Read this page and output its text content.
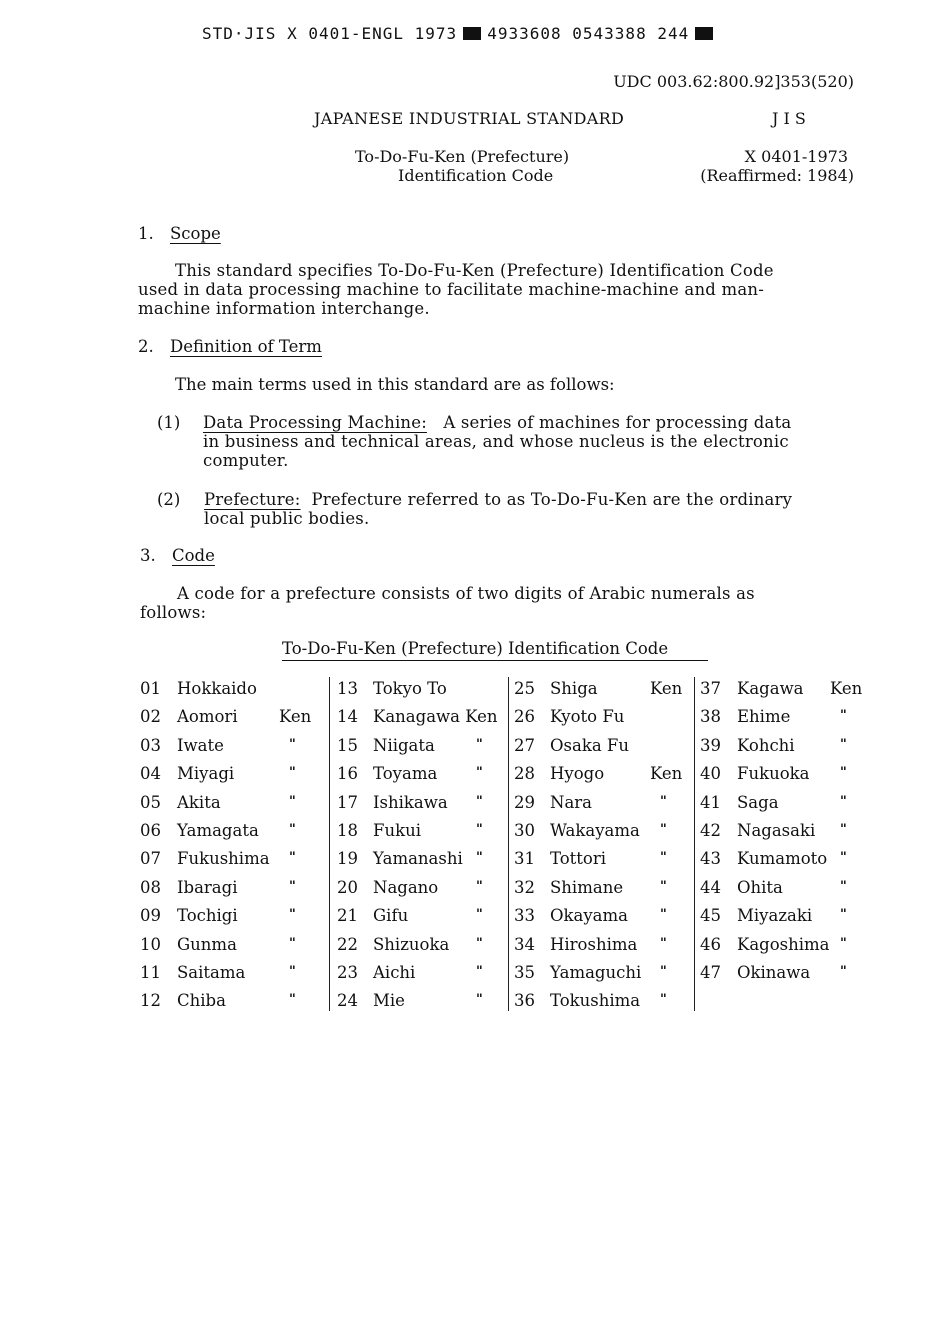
STD·JIS X 0401-ENGL 1973 4933608 0543388 244
UDC 003.62:800.92]353(520)
JAPANESE INDUSTRIAL STANDARD	J I S
To-Do-Fu-Ken (Prefecture)
Identification Code
X 0401-1973
(Reaffirmed: 1984)
1. Scope
This standard specifies To-Do-Fu-Ken (Prefecture) Identification Code
used in data processing machine to facilitate machine-machine and man-
machine information interchange.
2. Definition of Term
The main terms used in this standard are as follows:
(1) Data Processing Machine: A series of machines for processing data
in business and technical areas, and whose nucleus is the electronic
computer.
(2) Prefecture: Prefecture referred to as To-Do-Fu-Ken are the ordinary
local public bodies.
3. Code
A code for a prefecture consists of two digits of Arabic numerals as
follows:
To-Do-Fu-Ken (Prefecture) Identification Code
01 Hokkaido
02 Aomori	Ken
03 Iwate	"
04 Miyagi	"
05 Akita	"
06 Yamagata "
07 Fukushima "
08 Ibaragi	"
09 Tochigi	"
10 Gunma	"
11 Saitama	"
12 Chiba	"
13 Tokyo To
14 Kanagawa Ken
15 Niigata	"
16 Toyama	"
17 Ishikawa "
18 Fukui	"
19 Yamanashi "
20 Nagano	"
21 Gifu	"
22 Shizuoka "
23 Aichi	"
24 Mie	"
25 Shiga	Ken
26 Kyoto Fu
27 Osaka Fu
28 Hyogo	Ken
29 Nara	"
30 Wakayama "
31 Tottori	"
32 Shimane	"
33 Okayama "
34 Hiroshima "
35 Yamaguchi "
36 Tokushima "
37 Kagawa Ken
38 Ehime	"
39 Kohchi	"
40 Fukuoka "
41 Saga	"
42 Nagasaki "
43 Kumamoto "
44 Ohita	"
45 Miyazaki "
46 Kagoshima "
47 Okinawa "
